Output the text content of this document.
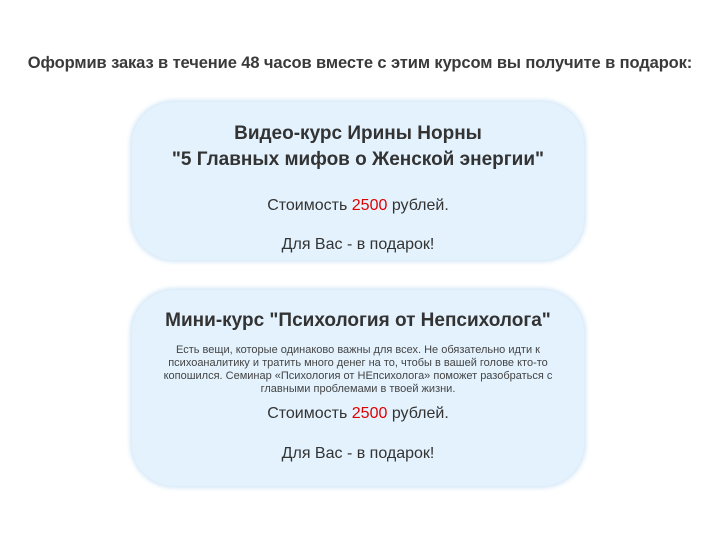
Оформив заказ в течение 48 часов вместе с этим курсом вы получите в подарок:
Видео-курс Ирины Норны
"5 Главных мифов о Женской энергии"
Стоимость 2500 рублей.
Для Вас - в подарок!
Мини-курс "Психология от Непсихолога"
Есть вещи, которые одинаково важны для всех. Не обязательно идти к психоаналитику и тратить много денег на то, чтобы в вашей голове кто-то копошился. Семинар «Психология от НЕпсихолога» поможет разобраться с главными проблемами в твоей жизни.
Стоимость 2500 рублей.
Для Вас - в подарок!
